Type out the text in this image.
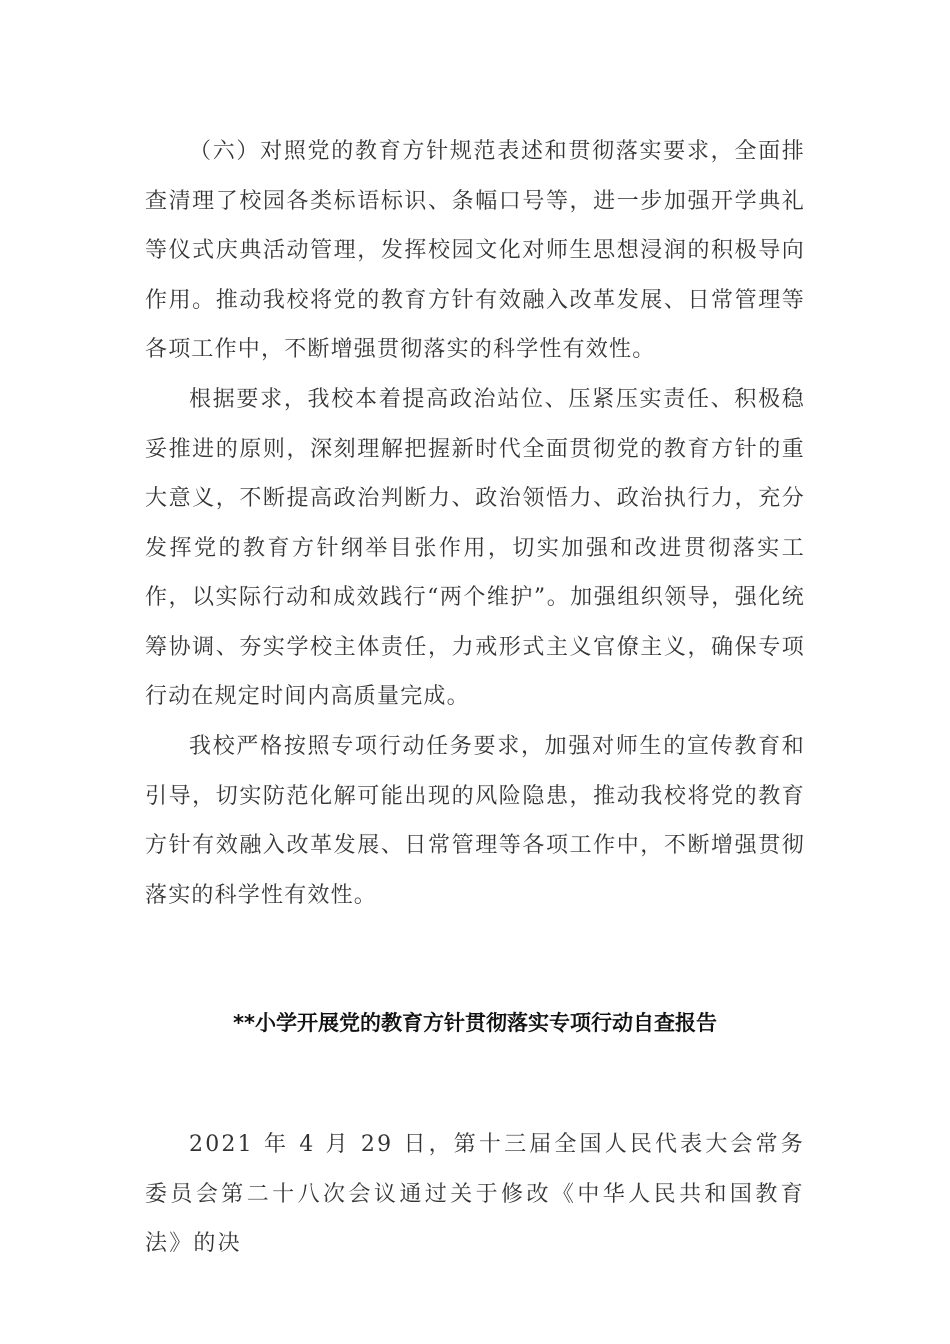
（六）对照党的教育方针规范表述和贯彻落实要求，全面排查清理了校园各类标语标识、条幅口号等，进一步加强开学典礼等仪式庆典活动管理，发挥校园文化对师生思想浸润的积极导向作用。推动我校将党的教育方针有效融入改革发展、日常管理等各项工作中，不断增强贯彻落实的科学性有效性。

根据要求，我校本着提高政治站位、压紧压实责任、积极稳妥推进的原则，深刻理解把握新时代全面贯彻党的教育方针的重大意义，不断提高政治判断力、政治领悟力、政治执行力，充分发挥党的教育方针纲举目张作用，切实加强和改进贯彻落实工作，以实际行动和成效践行“两个维护”。加强组织领导，强化统筹协调、夯实学校主体责任，力戒形式主义官僚主义，确保专项行动在规定时间内高质量完成。

我校严格按照专项行动任务要求，加强对师生的宣传教育和引导，切实防范化解可能出现的风险隐患，推动我校将党的教育方针有效融入改革发展、日常管理等各项工作中，不断增强贯彻落实的科学性有效性。

**小学开展党的教育方针贯彻落实专项行动自查报告

2021 年 4 月 29 日，第十三届全国人民代表大会常务委员会第二十八次会议通过关于修改《中华人民共和国教育法》的决
